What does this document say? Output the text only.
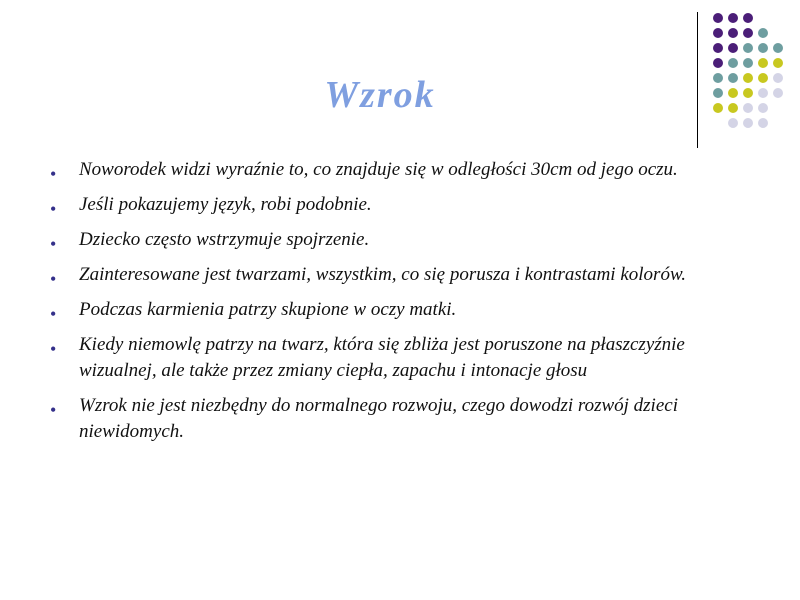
Wzrok
• Noworodek widzi wyraźnie to, co znajduje się w odległości 30cm od jego oczu.
• Jeśli pokazujemy język, robi podobnie.
• Dziecko często wstrzymuje spojrzenie.
• Zainteresowane jest twarzami, wszystkim, co się porusza i kontrastami kolorów.
• Podczas karmienia patrzy skupione w oczy matki.
• Kiedy niemowlę patrzy na twarz, która się zbliża jest poruszone na płaszczyźnie wizualnej, ale także przez zmiany ciepła, zapachu i intonacje głosu
• Wzrok nie jest niezbędny do normalnego rozwoju, czego dowodzi rozwój dzieci niewidomych.
